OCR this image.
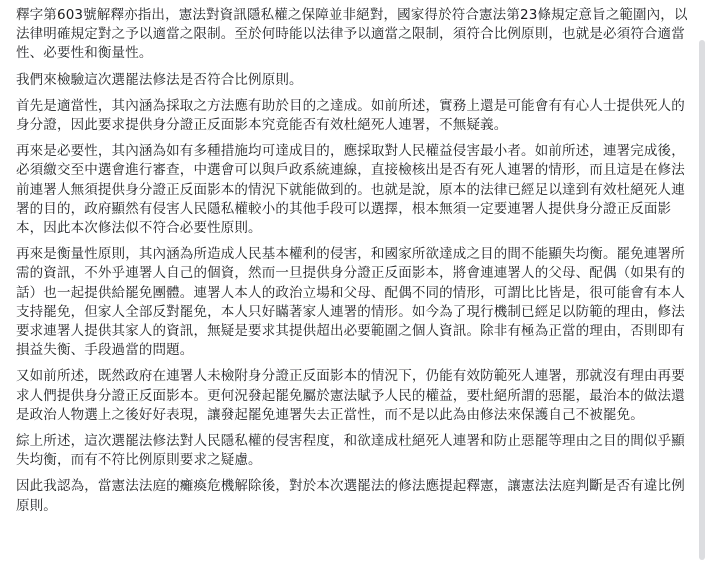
釋字第603號解釋亦指出，憲法對資訊隱私權之保障並非絕對，國家得於符合憲法第23條規定意旨之範圍內，以法律明確規定對之予以適當之限制。至於何時能以法律予以適當之限制，須符合比例原則，也就是必須符合適當性、必要性和衡量性。

我們來檢驗這次選罷法修法是否符合比例原則。

首先是適當性，其內涵為採取之方法應有助於目的之達成。如前所述，實務上還是可能會有有心人士提供死人的身分證，因此要求提供身分證正反面影本究竟能否有效杜絕死人連署，不無疑義。

再來是必要性，其內涵為如有多種措施均可達成目的，應採取對人民權益侵害最小者。如前所述，連署完成後，必須繳交至中選會進行審查，中選會可以與戶政系統連線，直接檢核出是否有死人連署的情形，而且這是在修法前連署人無須提供身分證正反面影本的情況下就能做到的。也就是說，原本的法律已經足以達到有效杜絕死人連署的目的，政府顯然有侵害人民隱私權較小的其他手段可以選擇，根本無須一定要連署人提供身分證正反面影本，因此本次修法似不符合必要性原則。

再來是衡量性原則，其內涵為所造成人民基本權利的侵害，和國家所欲達成之目的間不能顯失均衡。罷免連署所需的資訊，不外乎連署人自己的個資，然而一旦提供身分證正反面影本，將會連連署人的父母、配偶（如果有的話）也一起提供給罷免團體。連署人本人的政治立場和父母、配偶不同的情形，可謂比比皆是，很可能會有本人支持罷免，但家人全部反對罷免，本人只好瞞著家人連署的情形。如今為了現行機制已經足以防範的理由，修法要求連署人提供其家人的資訊，無疑是要求其提供超出必要範圍之個人資訊。除非有極為正當的理由，否則即有損益失衡、手段過當的問題。

又如前所述，既然政府在連署人未檢附身分證正反面影本的情況下，仍能有效防範死人連署，那就沒有理由再要求人們提供身分證正反面影本。更何況發起罷免屬於憲法賦予人民的權益，要杜絕所謂的惡罷，最治本的做法還是政治人物選上之後好好表現，讓發起罷免連署失去正當性，而不是以此為由修法來保護自己不被罷免。

綜上所述，這次選罷法修法對人民隱私權的侵害程度，和欲達成杜絕死人連署和防止惡罷等理由之目的間似乎顯失均衡，而有不符比例原則要求之疑慮。

因此我認為，當憲法法庭的癱瘓危機解除後，對於本次選罷法的修法應提起釋憲，讓憲法法庭判斷是否有違比例原則。
